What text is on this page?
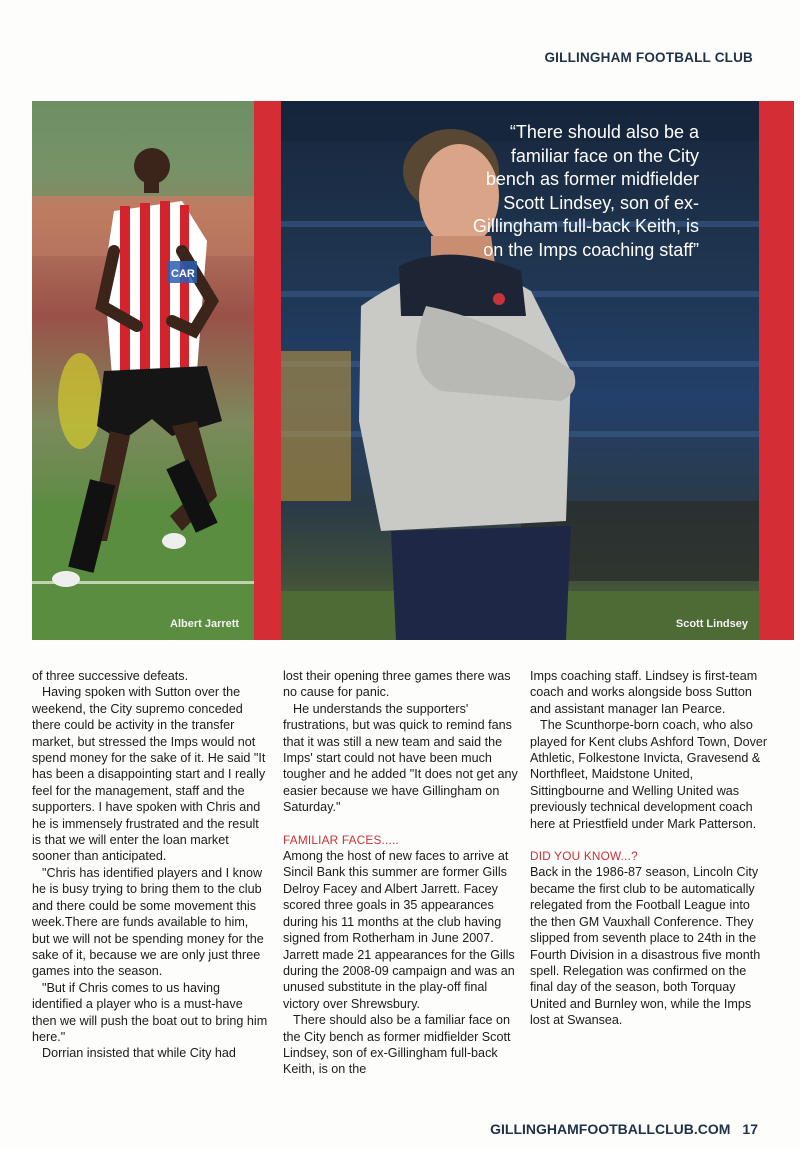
GILLINGHAM FOOTBALL CLUB
CAR
Albert Jarrett
“There should also be a familiar face on the City bench as former midfielder Scott Lindsey, son of ex-Gillingham full-back Keith, is on the Imps coaching staff”
Scott Lindsey

of three successive defeats.

Having spoken with Sutton over the weekend, the City supremo conceded there could be activity in the transfer market, but stressed the Imps would not spend money for the sake of it. He said "It has been a disappointing start and I really feel for the management, staff and the supporters. I have spoken with Chris and he is immensely frustrated and the result is that we will enter the loan market sooner than anticipated.

"Chris has identified players and I know he is busy trying to bring them to the club and there could be some movement this week.There are funds available to him, but we will not be spending money for the sake of it, because we are only just three games into the season.

"But if Chris comes to us having identified a player who is a must-have then we will push the boat out to bring him here."

Dorrian insisted that while City had

lost their opening three games there was no cause for panic.

He understands the supporters' frustrations, but was quick to remind fans that it was still a new team and said the Imps' start could not have been much tougher and he added "It does not get any easier because we have Gillingham on Saturday."

FAMILIAR FACES.....

Among the host of new faces to arrive at Sincil Bank this summer are former Gills Delroy Facey and Albert Jarrett. Facey scored three goals in 35 appearances during his 11 months at the club having signed from Rotherham in June 2007. Jarrett made 21 appearances for the Gills during the 2008-09 campaign and was an unused substitute in the play-off final victory over Shrewsbury.

There should also be a familiar face on the City bench as former midfielder Scott Lindsey, son of ex-Gillingham full-back Keith, is on the

Imps coaching staff. Lindsey is first-team coach and works alongside boss Sutton and assistant manager Ian Pearce.

The Scunthorpe-born coach, who also played for Kent clubs Ashford Town, Dover Athletic, Folkestone Invicta, Gravesend & Northfleet, Maidstone United, Sittingbourne and Welling United was previously technical development coach here at Priestfield under Mark Patterson.

DID YOU KNOW...?

Back in the 1986-87 season, Lincoln City became the first club to be automatically relegated from the Football League into the then GM Vauxhall Conference. They slipped from seventh place to 24th in the Fourth Division in a disastrous five month spell. Relegation was confirmed on the final day of the season, both Torquay United and Burnley won, while the Imps lost at Swansea.

GILLINGHAMFOOTBALLCLUB.COM 17
